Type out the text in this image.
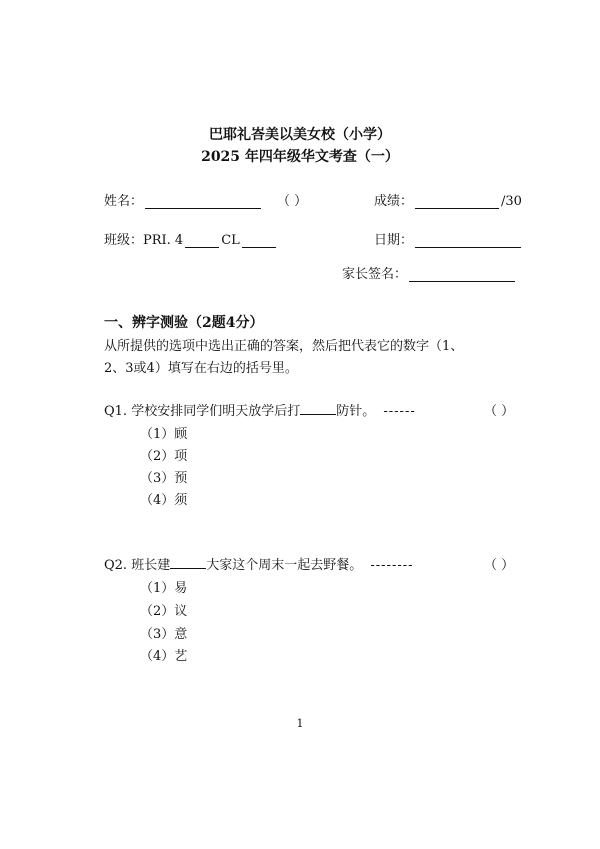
巴耶礼峇美以美女校（小学）
2025 年四年级华文考查（一）
姓名：	（ ）	成绩：	/30
班级：PRI. 4	CL	日期：
家长签名：
一、辨字测验（2题4分）
从所提供的选项中选出正确的答案，然后把代表它的数字（1、
2、3或4）填写在右边的括号里。
Q1. 学校安排同学们明天放学后打	防针。 ------	（ ）
（1）顾
（2）项
（3）预
（4）须
Q2. 班长建	大家这个周末一起去野餐。 --------	（ ）
（1）易
（2）议
（3）意
（4）艺
1
